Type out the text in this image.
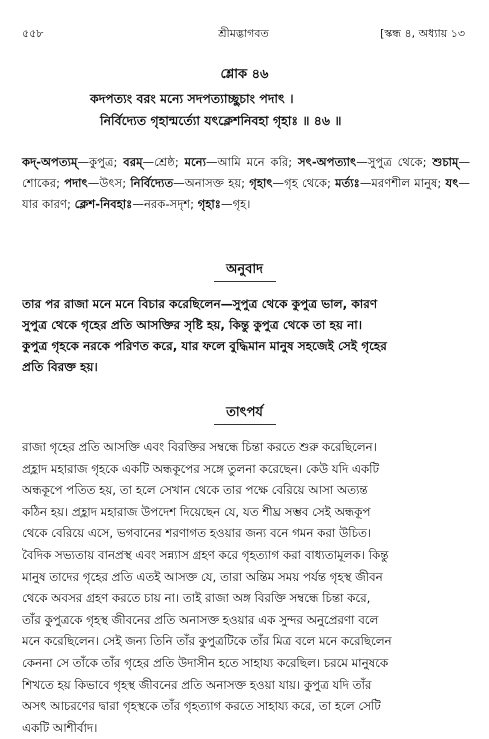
৫৫৮	শ্রীমদ্ভাগবত	[স্কন্ধ ৪, অধ্যায় ১৩
শ্লোক ৪৬
কদপত্যং বরং মন্যে সদপত্যাচ্ছুচাং পদাৎ ।
নির্বিদ্যেত গৃহান্মর্ত্যো যৎক্লেশনিবহা গৃহাঃ ॥ ৪৬ ॥
কদ্-অপত্যম্—কুপুত্র; বরম্—শ্রেষ্ঠ; মন্যে—আমি মনে করি; সৎ-অপত্যাৎ—সুপুত্র থেকে; শুচাম্—শোকের; পদাৎ—উৎস; নির্বিদ্যেত—অনাসক্ত হয়; গৃহাৎ—গৃহ থেকে; মর্ত্যঃ—মরণশীল মানুষ; যৎ—যার কারণ; ক্লেশ-নিবহাঃ—নরক-সদৃশ; গৃহাঃ—গৃহ।
অনুবাদ
তার পর রাজা মনে মনে বিচার করেছিলেন—সুপুত্র থেকে কুপুত্র ভাল, কারণ
সুপুত্র থেকে গৃহের প্রতি আসক্তির সৃষ্টি হয়, কিন্তু কুপুত্র থেকে তা হয় না।
কুপুত্র গৃহকে নরকে পরিণত করে, যার ফলে বুদ্ধিমান মানুষ সহজেই সেই গৃহের
প্রতি বিরক্ত হয়।
তাৎপর্য
রাজা গৃহের প্রতি আসক্তি এবং বিরক্তির সম্বন্ধে চিন্তা করতে শুরু করেছিলেন।
প্রহ্লাদ মহারাজ গৃহকে একটি অন্ধকূপের সঙ্গে তুলনা করেছেন। কেউ যদি একটি
অন্ধকূপে পতিত হয়, তা হলে সেখান থেকে তার পক্ষে বেরিয়ে আসা অত্যন্ত
কঠিন হয়। প্রহ্লাদ মহারাজ উপদেশ দিয়েছেন যে, যত শীঘ্র সম্ভব সেই অন্ধকূপ
থেকে বেরিয়ে এসে, ভগবানের শরণাগত হওয়ার জন্য বনে গমন করা উচিত।
বৈদিক সভ্যতায় বানপ্রস্থ এবং সন্ন্যাস গ্রহণ করে গৃহত্যাগ করা বাধ্যতামূলক। কিন্তু
মানুষ তাদের গৃহের প্রতি এতই আসক্ত যে, তারা অন্তিম সময় পর্যন্ত গৃহস্থ জীবন
থেকে অবসর গ্রহণ করতে চায় না। তাই রাজা অঙ্গ বিরক্তি সম্বন্ধে চিন্তা করে,
তাঁর কুপুত্রকে গৃহস্থ জীবনের প্রতি অনাসক্ত হওয়ার এক সুন্দর অনুপ্রেরণা বলে
মনে করেছিলেন। সেই জন্য তিনি তাঁর কুপুত্রটিকে তাঁর মিত্র বলে মনে করেছিলেন
কেননা সে তাঁকে তাঁর গৃহের প্রতি উদাসীন হতে সাহায্য করেছিল। চরমে মানুষকে
শিখতে হয় কিভাবে গৃহস্থ জীবনের প্রতি অনাসক্ত হওয়া যায়। কুপুত্র যদি তাঁর
অসৎ আচরণের দ্বারা গৃহস্থকে তাঁর গৃহত্যাগ করতে সাহায্য করে, তা হলে সেটি
একটি আশীর্বাদ।
